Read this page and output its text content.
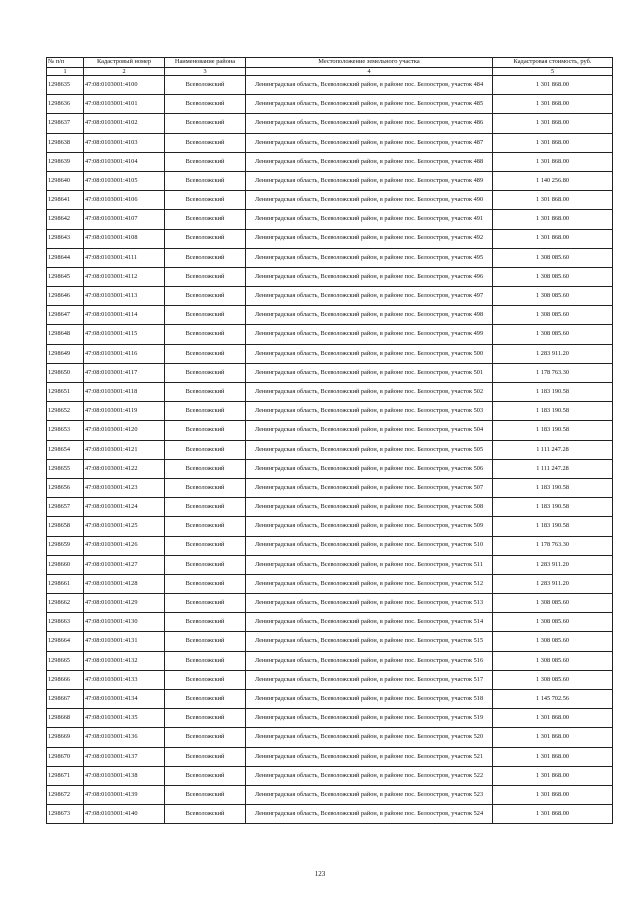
№ п/п	Кадастровый номер	Наименование района	Местоположение земельного участка	Кадастровая стоимость, руб.
1	2	3	4	5
1298635	47:08:0103001:4100	Всеволожский	Ленинградская область, Всеволожский район, в районе пос. Белоостров, участок 484	1 301 868.00
1298636	47:08:0103001:4101	Всеволожский	Ленинградская область, Всеволожский район, в районе пос. Белоостров, участок 485	1 301 868.00
1298637	47:08:0103001:4102	Всеволожский	Ленинградская область, Всеволожский район, в районе пос. Белоостров, участок 486	1 301 868.00
1298638	47:08:0103001:4103	Всеволожский	Ленинградская область, Всеволожский район, в районе пос. Белоостров, участок 487	1 301 868.00
1298639	47:08:0103001:4104	Всеволожский	Ленинградская область, Всеволожский район, в районе пос. Белоостров, участок 488	1 301 868.00
1298640	47:08:0103001:4105	Всеволожский	Ленинградская область, Всеволожский район, в районе пос. Белоостров, участок 489	1 140 256.80
1298641	47:08:0103001:4106	Всеволожский	Ленинградская область, Всеволожский район, в районе пос. Белоостров, участок 490	1 301 868.00
1298642	47:08:0103001:4107	Всеволожский	Ленинградская область, Всеволожский район, в районе пос. Белоостров, участок 491	1 301 868.00
1298643	47:08:0103001:4108	Всеволожский	Ленинградская область, Всеволожский район, в районе пос. Белоостров, участок 492	1 301 868.00
1298644	47:08:0103001:4111	Всеволожский	Ленинградская область, Всеволожский район, в районе пос. Белоостров, участок 495	1 308 085.60
1298645	47:08:0103001:4112	Всеволожский	Ленинградская область, Всеволожский район, в районе пос. Белоостров, участок 496	1 308 085.60
1298646	47:08:0103001:4113	Всеволожский	Ленинградская область, Всеволожский район, в районе пос. Белоостров, участок 497	1 308 085.60
1298647	47:08:0103001:4114	Всеволожский	Ленинградская область, Всеволожский район, в районе пос. Белоостров, участок 498	1 308 085.60
1298648	47:08:0103001:4115	Всеволожский	Ленинградская область, Всеволожский район, в районе пос. Белоостров, участок 499	1 308 085.60
1298649	47:08:0103001:4116	Всеволожский	Ленинградская область, Всеволожский район, в районе пос. Белоостров, участок 500	1 283 911.20
1298650	47:08:0103001:4117	Всеволожский	Ленинградская область, Всеволожский район, в районе пос. Белоостров, участок 501	1 178 763.30
1298651	47:08:0103001:4118	Всеволожский	Ленинградская область, Всеволожский район, в районе пос. Белоостров, участок 502	1 183 190.58
1298652	47:08:0103001:4119	Всеволожский	Ленинградская область, Всеволожский район, в районе пос. Белоостров, участок 503	1 183 190.58
1298653	47:08:0103001:4120	Всеволожский	Ленинградская область, Всеволожский район, в районе пос. Белоостров, участок 504	1 183 190.58
1298654	47:08:0103001:4121	Всеволожский	Ленинградская область, Всеволожский район, в районе пос. Белоостров, участок 505	1 111 247.28
1298655	47:08:0103001:4122	Всеволожский	Ленинградская область, Всеволожский район, в районе пос. Белоостров, участок 506	1 111 247.28
1298656	47:08:0103001:4123	Всеволожский	Ленинградская область, Всеволожский район, в районе пос. Белоостров, участок 507	1 183 190.58
1298657	47:08:0103001:4124	Всеволожский	Ленинградская область, Всеволожский район, в районе пос. Белоостров, участок 508	1 183 190.58
1298658	47:08:0103001:4125	Всеволожский	Ленинградская область, Всеволожский район, в районе пос. Белоостров, участок 509	1 183 190.58
1298659	47:08:0103001:4126	Всеволожский	Ленинградская область, Всеволожский район, в районе пос. Белоостров, участок 510	1 178 763.30
1298660	47:08:0103001:4127	Всеволожский	Ленинградская область, Всеволожский район, в районе пос. Белоостров, участок 511	1 283 911.20
1298661	47:08:0103001:4128	Всеволожский	Ленинградская область, Всеволожский район, в районе пос. Белоостров, участок 512	1 283 911.20
1298662	47:08:0103001:4129	Всеволожский	Ленинградская область, Всеволожский район, в районе пос. Белоостров, участок 513	1 308 085.60
1298663	47:08:0103001:4130	Всеволожский	Ленинградская область, Всеволожский район, в районе пос. Белоостров, участок 514	1 308 085.60
1298664	47:08:0103001:4131	Всеволожский	Ленинградская область, Всеволожский район, в районе пос. Белоостров, участок 515	1 308 085.60
1298665	47:08:0103001:4132	Всеволожский	Ленинградская область, Всеволожский район, в районе пос. Белоостров, участок 516	1 308 085.60
1298666	47:08:0103001:4133	Всеволожский	Ленинградская область, Всеволожский район, в районе пос. Белоостров, участок 517	1 308 085.60
1298667	47:08:0103001:4134	Всеволожский	Ленинградская область, Всеволожский район, в районе пос. Белоостров, участок 518	1 145 702.56
1298668	47:08:0103001:4135	Всеволожский	Ленинградская область, Всеволожский район, в районе пос. Белоостров, участок 519	1 301 868.00
1298669	47:08:0103001:4136	Всеволожский	Ленинградская область, Всеволожский район, в районе пос. Белоостров, участок 520	1 301 868.00
1298670	47:08:0103001:4137	Всеволожский	Ленинградская область, Всеволожский район, в районе пос. Белоостров, участок 521	1 301 868.00
1298671	47:08:0103001:4138	Всеволожский	Ленинградская область, Всеволожский район, в районе пос. Белоостров, участок 522	1 301 868.00
1298672	47:08:0103001:4139	Всеволожский	Ленинградская область, Всеволожский район, в районе пос. Белоостров, участок 523	1 301 868.00
1298673	47:08:0103001:4140	Всеволожский	Ленинградская область, Всеволожский район, в районе пос. Белоостров, участок 524	1 301 868.00
123
